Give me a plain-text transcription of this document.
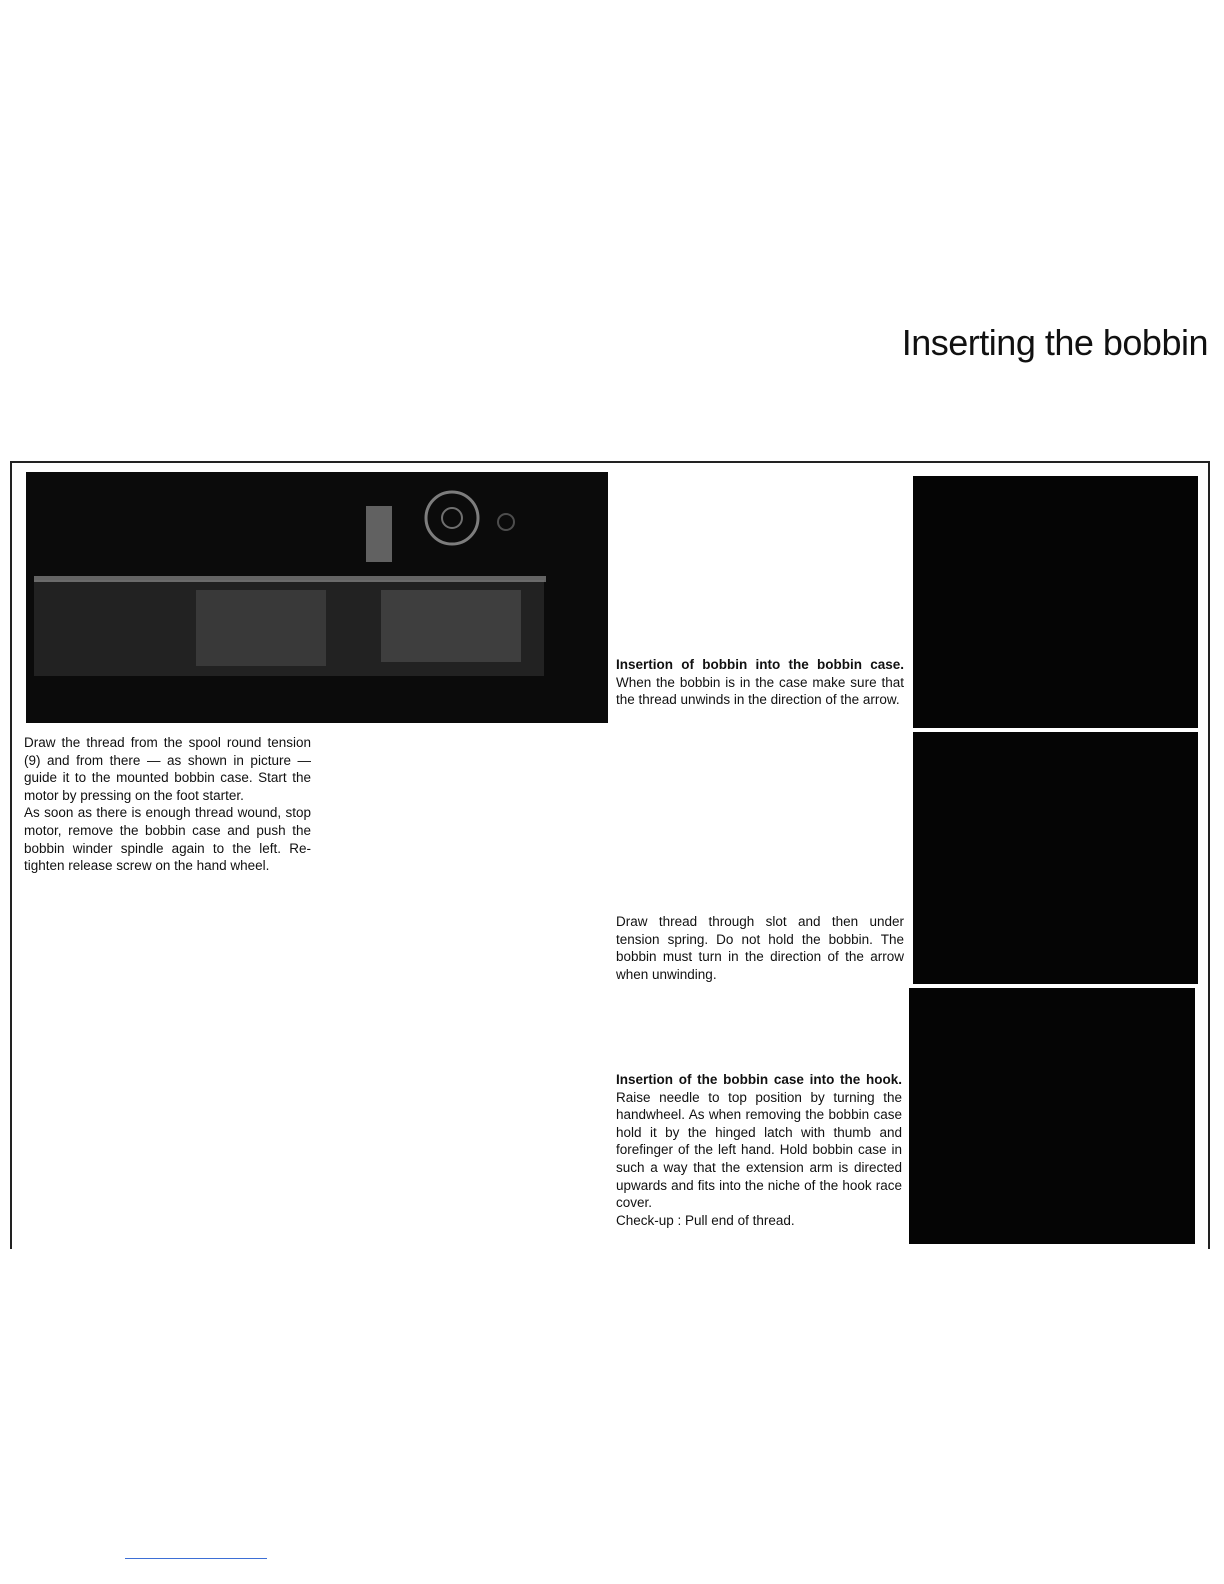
Inserting the bobbin

Draw the thread from the spool round tension (9) and from there — as shown in picture — guide it to the mounted bobbin case. Start the motor by pressing on the foot starter.

As soon as there is enough thread wound, stop motor, remove the bobbin case and push the bobbin winder spindle again to the left. Re-tighten release screw on the hand wheel.

Insertion of bobbin into the bobbin case. When the bobbin is in the case make sure that the thread unwinds in the direction of the arrow.
Draw thread through slot and then under tension spring. Do not hold the bobbin. The bobbin must turn in the direction of the arrow when unwinding.

Insertion of the bobbin case into the hook. Raise needle to top position by turning the handwheel. As when removing the bobbin case hold it by the hinged latch with thumb and forefinger of the left hand. Hold bobbin case in such a way that the extension arm is directed upwards and fits into the niche of the hook race cover.

Check-up : Pull end of thread.
